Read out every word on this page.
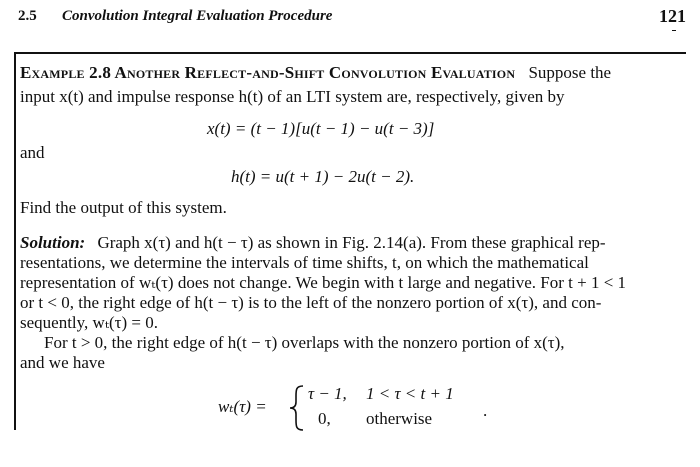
2.5 Convolution Integral Evaluation Procedure	121
Example 2.8 Another Reflect-and-Shift Convolution Evaluation Suppose the
input x(t) and impulse response h(t) of an LTI system are, respectively, given by
x(t) = (t − 1)[u(t − 1) − u(t − 3)]
and
h(t) = u(t + 1) − 2u(t − 2).
Find the output of this system.
Solution: Graph x(τ) and h(t − τ) as shown in Fig. 2.14(a). From these graphical rep-
resentations, we determine the intervals of time shifts, t, on which the mathematical
representation of wₜ(τ) does not change. We begin with t large and negative. For t + 1 < 1
or t < 0, the right edge of h(t − τ) is to the left of the nonzero portion of x(τ), and con-
sequently, wₜ(τ) = 0.
For t > 0, the right edge of h(t − τ) overlaps with the nonzero portion of x(τ),
and we have
wₜ(τ) =
τ − 1, 1 < τ < t + 1
0, otherwise	.
